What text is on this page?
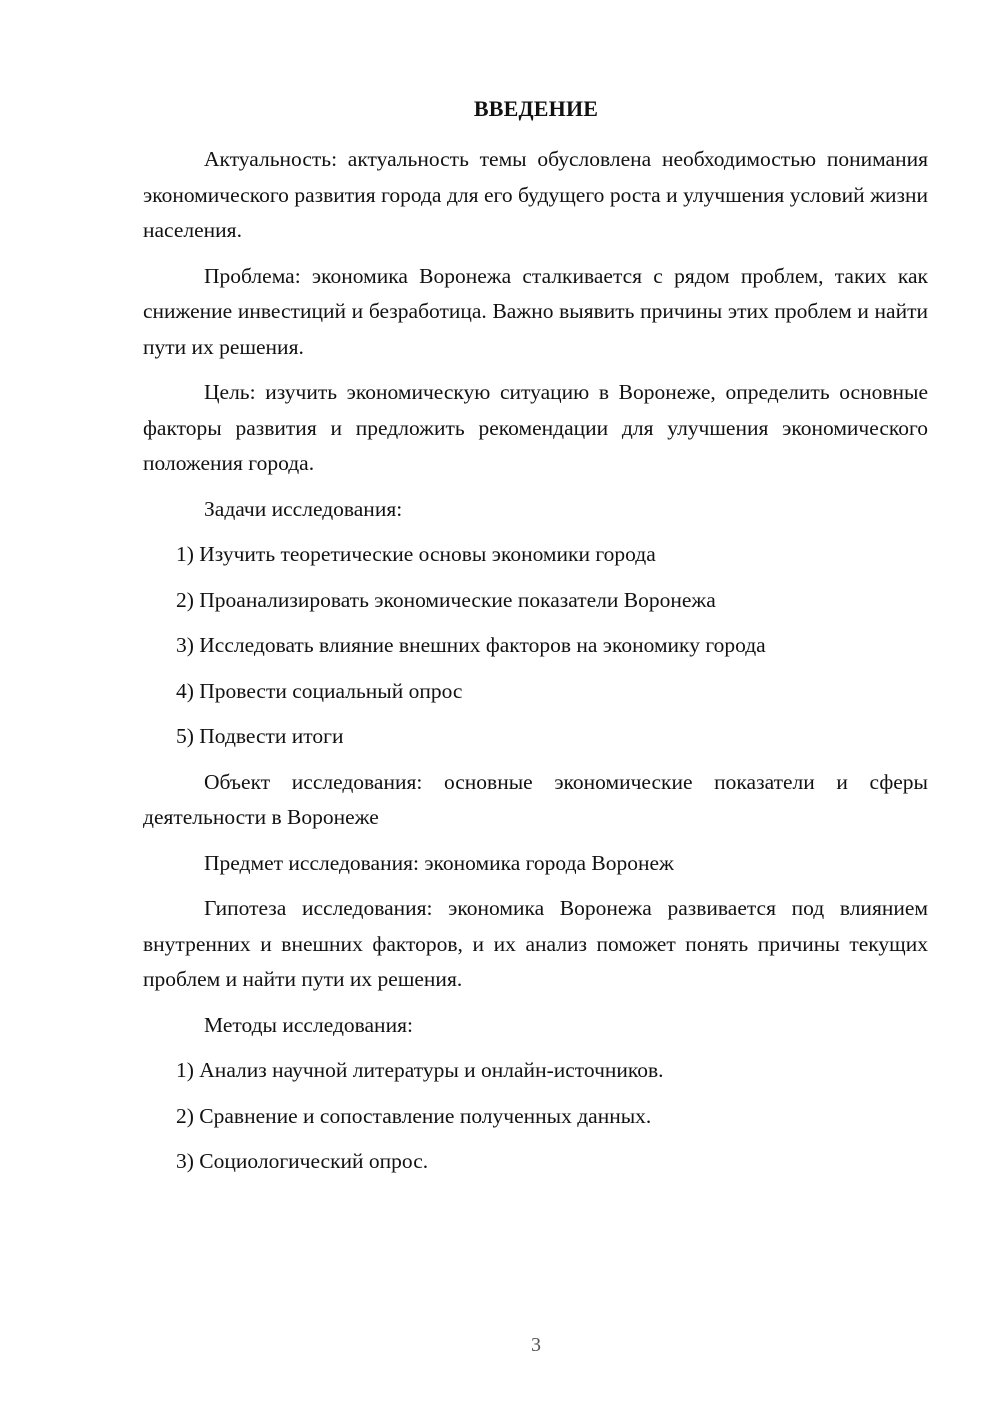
ВВЕДЕНИЕ

Актуальность: актуальность темы обусловлена необходимостью понимания экономического развития города для его будущего роста и улучшения условий жизни населения.

Проблема: экономика Воронежа сталкивается с рядом проблем, таких как снижение инвестиций и безработица. Важно выявить причины этих проблем и найти пути их решения.

Цель: изучить экономическую ситуацию в Воронеже, определить основные факторы развития и предложить рекомендации для улучшения экономического положения города.

Задачи исследования:

1) Изучить теоретические основы экономики города

2) Проанализировать экономические показатели Воронежа

3) Исследовать влияние внешних факторов на экономику города

4) Провести социальный опрос

5) Подвести итоги

Объект исследования: основные экономические показатели и сферы деятельности в Воронеже

Предмет исследования: экономика города Воронеж

Гипотеза исследования: экономика Воронежа развивается под влиянием внутренних и внешних факторов, и их анализ поможет понять причины текущих проблем и найти пути их решения.

Методы исследования:

1) Анализ научной литературы и онлайн-источников.

2) Сравнение и сопоставление полученных данных.

3) Социологический опрос.

3
